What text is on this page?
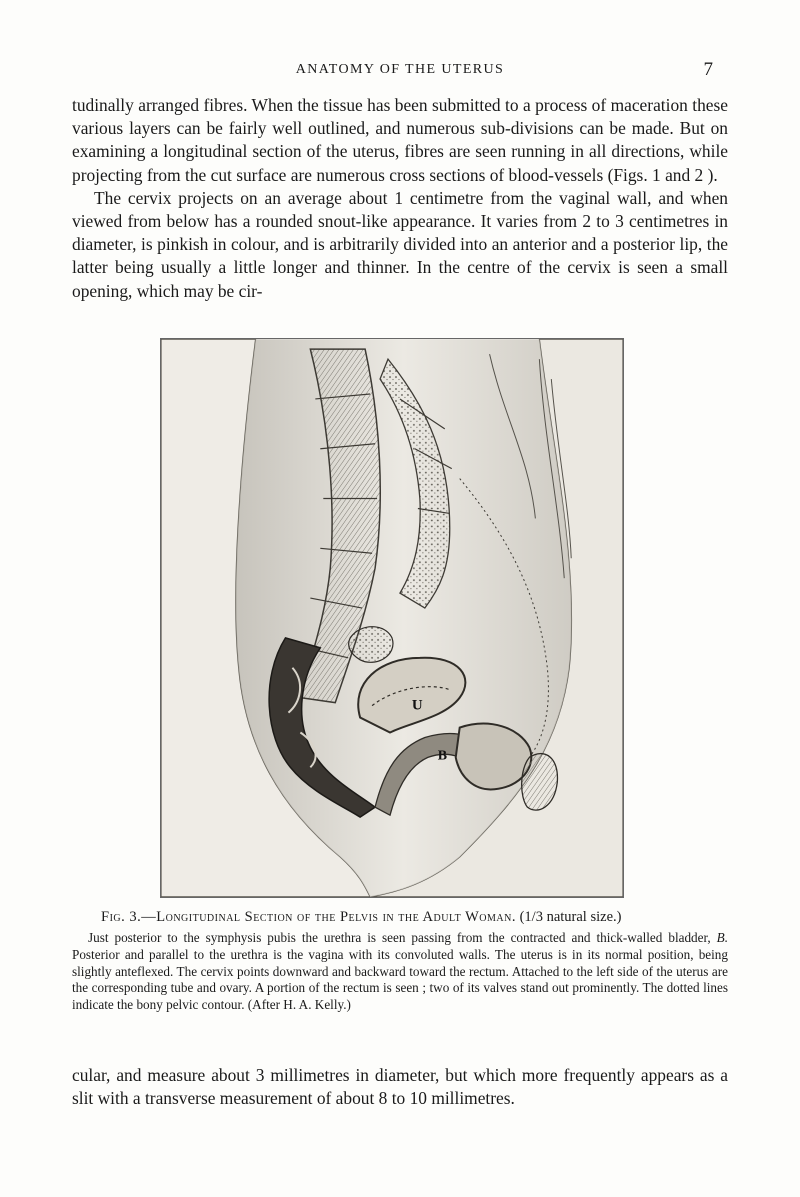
ANATOMY OF THE UTERUS	7
tudinally arranged fibres. When the tissue has been submitted to a process of maceration these various layers can be fairly well outlined, and numerous sub-divisions can be made. But on examining a longitudinal section of the uterus, fibres are seen running in all directions, while projecting from the cut surface are numerous cross sections of blood-vessels (Figs. 1 and 2 ).
The cervix projects on an average about 1 centimetre from the vaginal wall, and when viewed from below has a rounded snout-like appearance. It varies from 2 to 3 centimetres in diameter, is pinkish in colour, and is arbitrarily divided into an anterior and a posterior lip, the latter being usually a little longer and thinner. In the centre of the cervix is seen a small opening, which may be cir-
U
B
Fig. 3.—Longitudinal Section of the Pelvis in the Adult Woman. (1/3 natural size.)
Just posterior to the symphysis pubis the urethra is seen passing from the contracted and thick-walled bladder, B. Posterior and parallel to the urethra is the vagina with its convoluted walls. The uterus is in its normal position, being slightly anteflexed. The cervix points downward and backward toward the rectum. Attached to the left side of the uterus are the corresponding tube and ovary. A portion of the rectum is seen ; two of its valves stand out prominently. The dotted lines indicate the bony pelvic contour. (After H. A. Kelly.)
cular, and measure about 3 millimetres in diameter, but which more frequently appears as a slit with a transverse measurement of about 8 to 10 millimetres.
